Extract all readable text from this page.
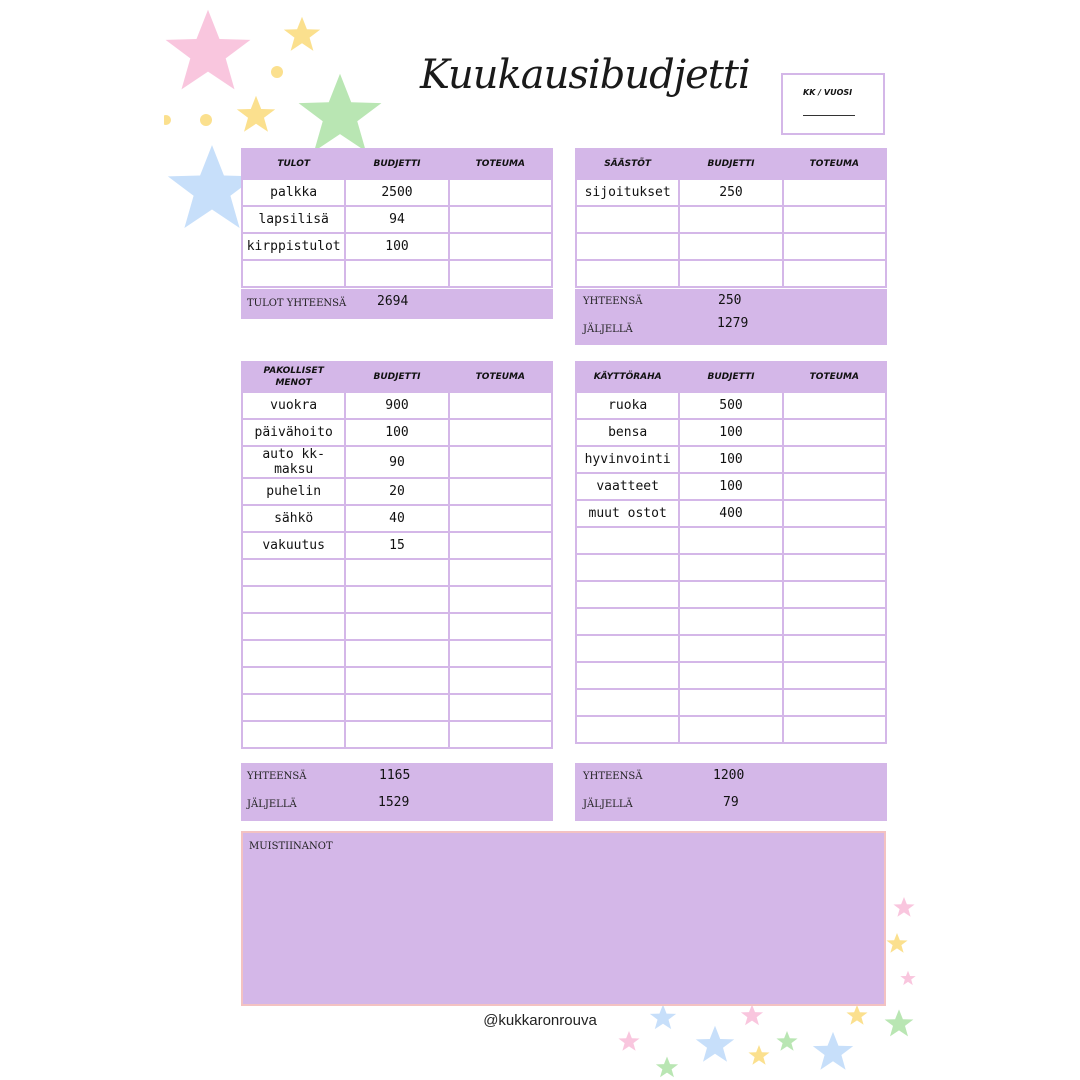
Kuukausibudjetti	KK / VUOSI
TULOT	BUDJETTI	TOTEUMA
palkka	2500	
lapsilisä	94	
kirppistulot	100	

TULOT YHTEENSÄ 2694
SÄÄSTÖT	BUDJETTI	TOTEUMA
sijoitukset	250	

YHTEENSÄ	250
JÄLJELLÄ	1279
PAKOLLISET
MENOT	BUDJETTI	TOTEUMA
vuokra	900	
päivähoito	100	
auto kk-maksu	90	
puhelin	20	
sähkö	40	
vakuutus	15	

YHTEENSÄ	1165
JÄLJELLÄ	1529
KÄYTTÖRAHA	BUDJETTI	TOTEUMA
ruoka	500	
bensa	100	
hyvinvointi	100	
vaatteet	100	
muut ostot	400	

YHTEENSÄ	1200
JÄLJELLÄ	79
MUISTIINANOT
@kukkaronrouva
